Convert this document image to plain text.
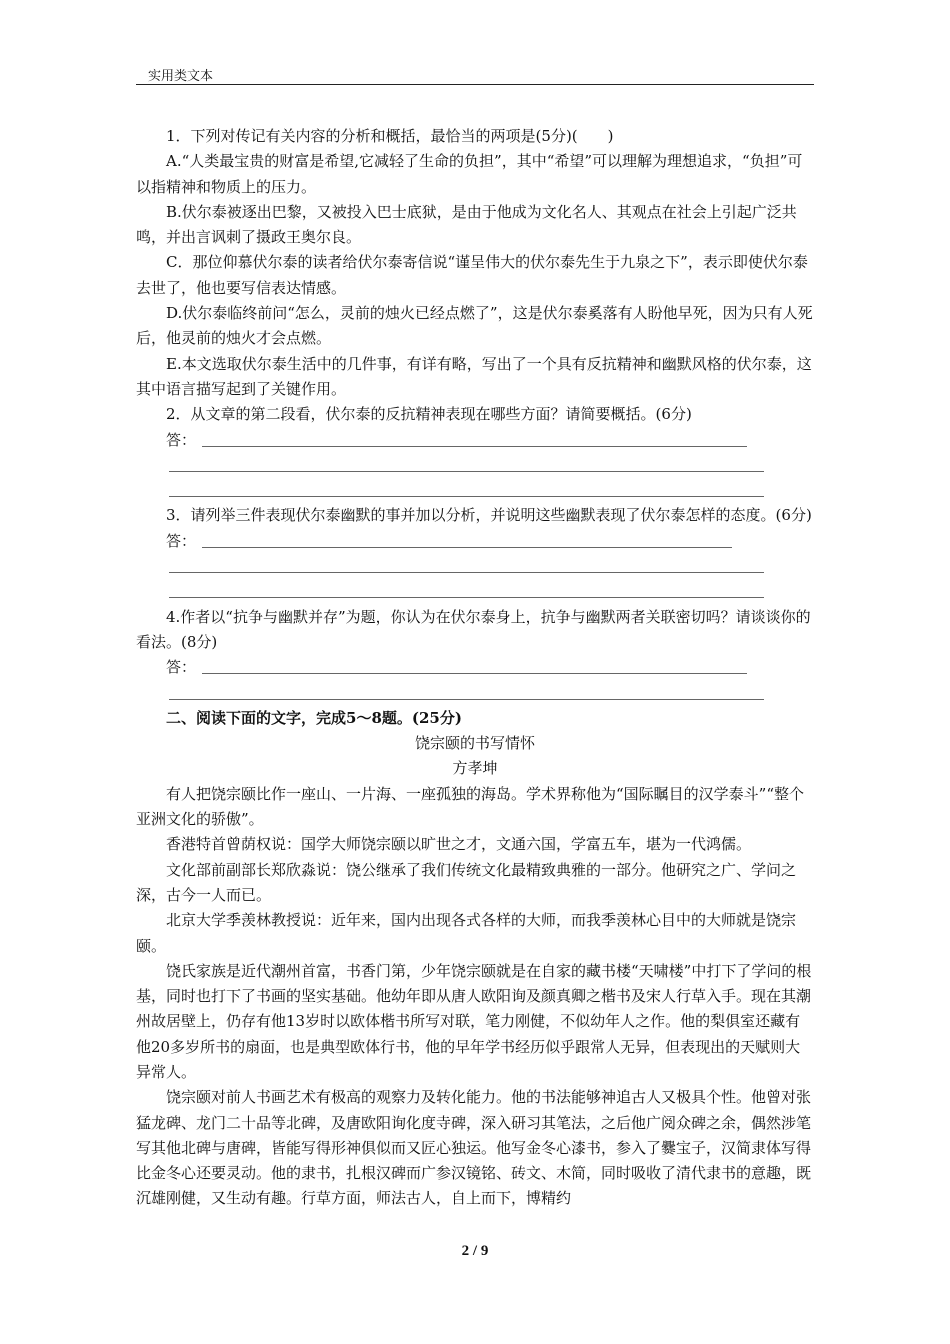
实用类文本

1．下列对传记有关内容的分析和概括，最恰当的两项是(5分)(　　)

A.“人类最宝贵的财富是希望,它减轻了生命的负担”，其中“希望”可以理解为理想追求，“负担”可以指精神和物质上的压力。

B.伏尔泰被逐出巴黎，又被投入巴士底狱，是由于他成为文化名人、其观点在社会上引起广泛共鸣，并出言讽刺了摄政王奥尔良。

C．那位仰慕伏尔泰的读者给伏尔泰寄信说“谨呈伟大的伏尔泰先生于九泉之下”，表示即使伏尔泰去世了，他也要写信表达情感。

D.伏尔泰临终前问“怎么，灵前的烛火已经点燃了”，这是伏尔泰奚落有人盼他早死，因为只有人死后，他灵前的烛火才会点燃。

E.本文选取伏尔泰生活中的几件事，有详有略，写出了一个具有反抗精神和幽默风格的伏尔泰，这其中语言描写起到了关键作用。

2．从文章的第二段看，伏尔泰的反抗精神表现在哪些方面？请简要概括。(6分)

答：

3．请列举三件表现伏尔泰幽默的事并加以分析，并说明这些幽默表现了伏尔泰怎样的态度。(6分)

答：

4.作者以“抗争与幽默并存”为题，你认为在伏尔泰身上，抗争与幽默两者关联密切吗？请谈谈你的看法。(8分)

答：

二、阅读下面的文字，完成5～8题。(25分)

饶宗颐的书写情怀

方孝坤

有人把饶宗颐比作一座山、一片海、一座孤独的海岛。学术界称他为“国际瞩目的汉学泰斗”“整个亚洲文化的骄傲”。

香港特首曾荫权说：国学大师饶宗颐以旷世之才，文通六国，学富五车，堪为一代鸿儒。

文化部前副部长郑欣淼说：饶公继承了我们传统文化最精致典雅的一部分。他研究之广、学问之深，古今一人而已。

北京大学季羡林教授说：近年来，国内出现各式各样的大师，而我季羡林心目中的大师就是饶宗颐。

饶氏家族是近代潮州首富，书香门第，少年饶宗颐就是在自家的藏书楼“天啸楼”中打下了学问的根基，同时也打下了书画的坚实基础。他幼年即从唐人欧阳询及颜真卿之楷书及宋人行草入手。现在其潮州故居壁上，仍存有他13岁时以欧体楷书所写对联，笔力刚健，不似幼年人之作。他的梨俱室还藏有他20多岁所书的扇面，也是典型欧体行书，他的早年学书经历似乎跟常人无异，但表现出的天赋则大异常人。

饶宗颐对前人书画艺术有极高的观察力及转化能力。他的书法能够神追古人又极具个性。他曾对张猛龙碑、龙门二十品等北碑，及唐欧阳询化度寺碑，深入研习其笔法，之后他广阅众碑之余，偶然涉笔写其他北碑与唐碑，皆能写得形神俱似而又匠心独运。他写金冬心漆书，参入了爨宝子，汉简隶体写得比金冬心还要灵动。他的隶书，扎根汉碑而广参汉镜铭、砖文、木简，同时吸收了清代隶书的意趣，既沉雄刚健，又生动有趣。行草方面，师法古人，自上而下，博精约

2 / 9
